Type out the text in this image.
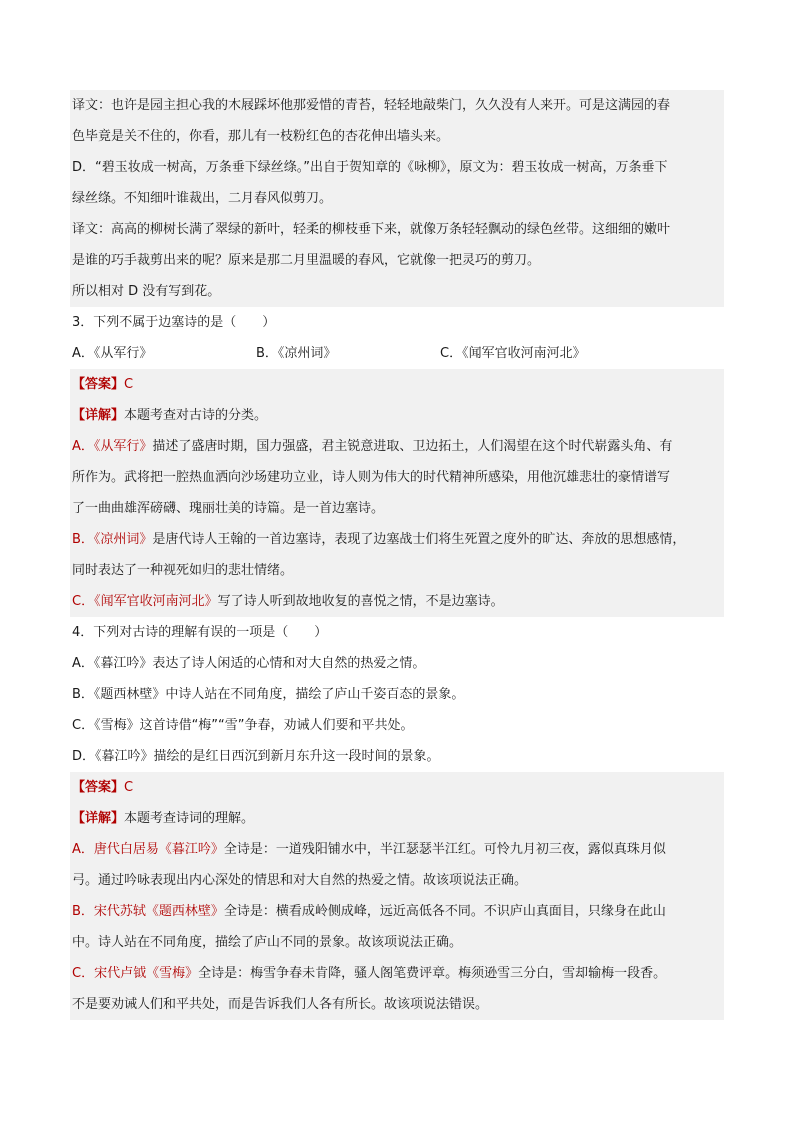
译文：也许是园主担心我的木屐踩坏他那爱惜的青苔，轻轻地敲柴门，久久没有人来开。可是这满园的春
色毕竟是关不住的，你看，那儿有一枝粉红色的杏花伸出墙头来。
D．“碧玉妆成一树高，万条垂下绿丝绦。”出自于贺知章的《咏柳》，原文为：碧玉妆成一树高，万条垂下
绿丝绦。不知细叶谁裁出，二月春风似剪刀。
译文：高高的柳树长满了翠绿的新叶，轻柔的柳枝垂下来，就像万条轻轻飘动的绿色丝带。这细细的嫩叶
是谁的巧手裁剪出来的呢？原来是那二月里温暖的春风，它就像一把灵巧的剪刀。
所以相对 D 没有写到花。
3．下列不属于边塞诗的是（　　）
A．《从军行》	B．《凉州词》	C．《闻军官收河南河北》
【答案】C
【详解】本题考查对古诗的分类。
A．《从军行》描述了盛唐时期，国力强盛，君主锐意进取、卫边拓土，人们渴望在这个时代崭露头角、有
所作为。武将把一腔热血洒向沙场建功立业，诗人则为伟大的时代精神所感染，用他沉雄悲壮的豪情谱写
了一曲曲雄浑磅礴、瑰丽壮美的诗篇。是一首边塞诗。
B．《凉州词》是唐代诗人王翰的一首边塞诗，表现了边塞战士们将生死置之度外的旷达、奔放的思想感情，
同时表达了一种视死如归的悲壮情绪。
C．《闻军官收河南河北》写了诗人听到故地收复的喜悦之情，不是边塞诗。
4．下列对古诗的理解有误的一项是（　　）
A．《暮江吟》表达了诗人闲适的心情和对大自然的热爱之情。
B．《题西林壁》中诗人站在不同角度，描绘了庐山千姿百态的景象。
C．《雪梅》这首诗借“梅”“雪”争春，劝诫人们要和平共处。
D．《暮江吟》描绘的是红日西沉到新月东升这一段时间的景象。
【答案】C
【详解】本题考查诗词的理解。
A．唐代白居易《暮江吟》全诗是：一道残阳铺水中，半江瑟瑟半江红。可怜九月初三夜，露似真珠月似
弓。通过吟咏表现出内心深处的情思和对大自然的热爱之情。故该项说法正确。
B．宋代苏轼《题西林壁》全诗是：横看成岭侧成峰，远近高低各不同。不识庐山真面目，只缘身在此山
中。诗人站在不同角度，描绘了庐山不同的景象。故该项说法正确。
C．宋代卢钺《雪梅》全诗是：梅雪争春未肯降，骚人阁笔费评章。梅须逊雪三分白，雪却输梅一段香。
不是要劝诫人们和平共处，而是告诉我们人各有所长。故该项说法错误。
